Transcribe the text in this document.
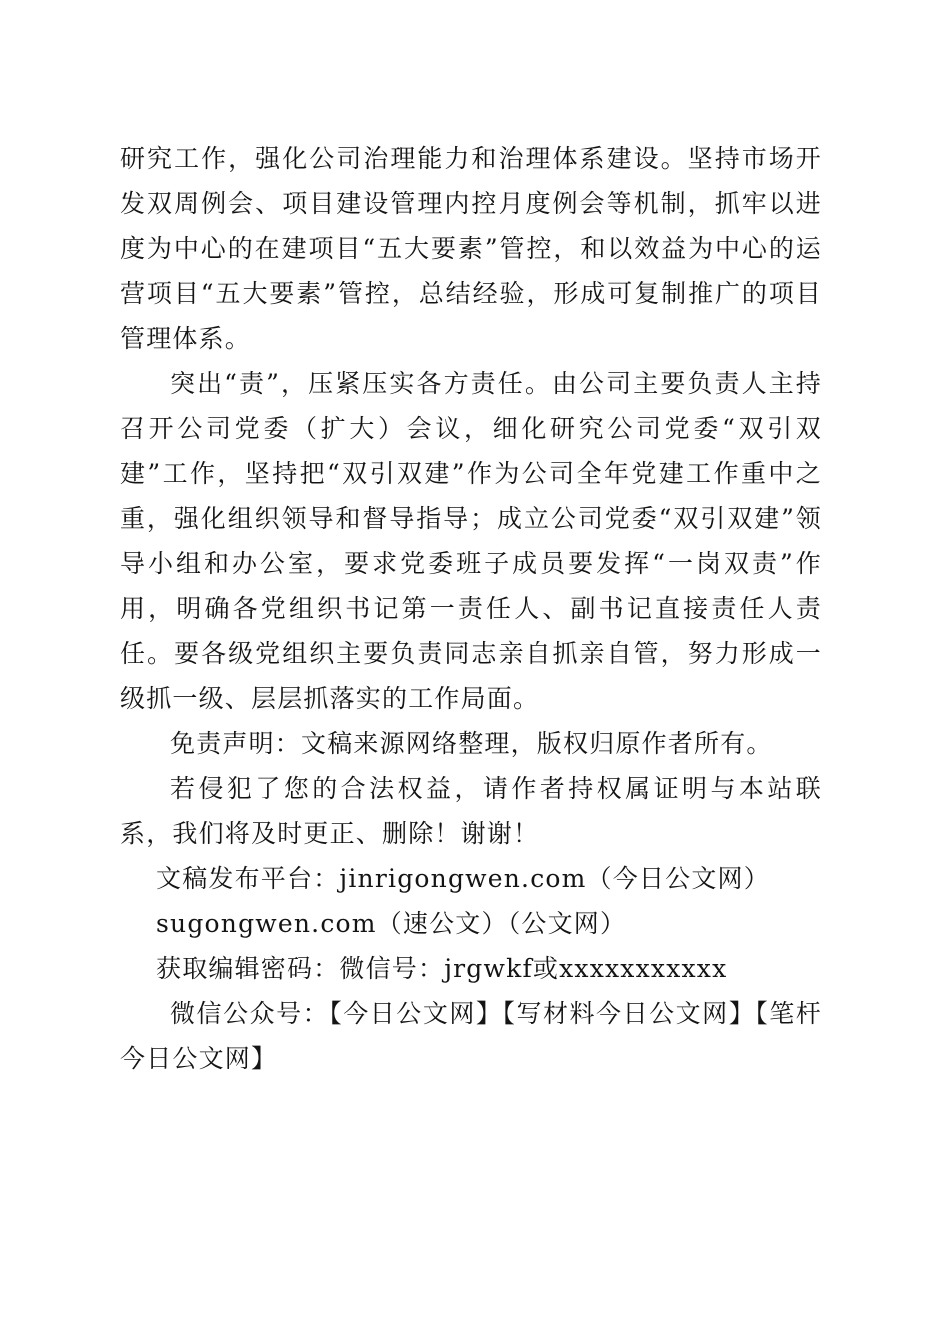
研究工作，强化公司治理能力和治理体系建设。坚持市场开发双周例会、项目建设管理内控月度例会等机制，抓牢以进度为中心的在建项目“五大要素”管控，和以效益为中心的运营项目“五大要素”管控，总结经验，形成可复制推广的项目管理体系。

突出“责”，压紧压实各方责任。由公司主要负责人主持召开公司党委（扩大）会议，细化研究公司党委“双引双建”工作，坚持把“双引双建”作为公司全年党建工作重中之重，强化组织领导和督导指导；成立公司党委“双引双建”领导小组和办公室，要求党委班子成员要发挥“一岗双责”作用，明确各党组织书记第一责任人、副书记直接责任人责任。要各级党组织主要负责同志亲自抓亲自管，努力形成一级抓一级、层层抓落实的工作局面。

免责声明：文稿来源网络整理，版权归原作者所有。

若侵犯了您的合法权益，请作者持权属证明与本站联系，我们将及时更正、删除！谢谢！

文稿发布平台：jinrigongwen.com（今日公文网）

sugongwen.com（速公文）（公文网）

获取编辑密码：微信号：jrgwkf或xxxxxxxxxxx

微信公众号：【今日公文网】【写材料今日公文网】【笔杆今日公文网】
